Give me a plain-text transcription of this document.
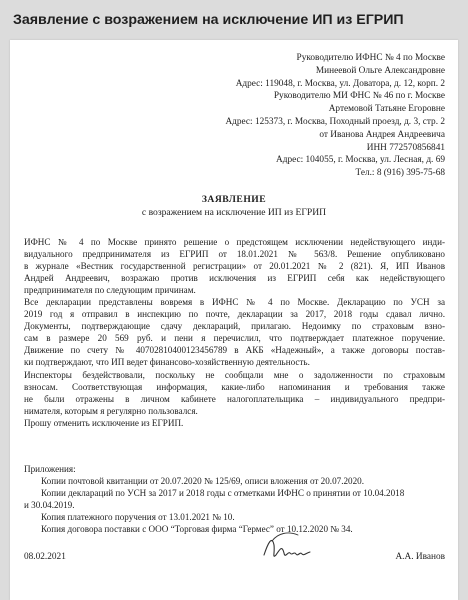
Заявление с возражением на исключение ИП из ЕГРИП
Руководителю ИФНС № 4 по Москве
Минеевой Ольге Александровне
Адрес: 119048, г. Москва, ул. Доватора, д. 12, корп. 2
Руководителю МИ ФНС № 46 по г. Москве
Артемовой Татьяне Егоровне
Адрес: 125373, г. Москва, Походный проезд, д. 3, стр. 2
от Иванова Андрея Андреевича
ИНН 772570856841
Адрес: 104055, г. Москва, ул. Лесная, д. 69
Тел.: 8 (916) 395-75-68
ЗАЯВЛЕНИЕ
с возражением на исключение ИП из ЕГРИП
ИФНС № 4 по Москве принято решение о предстоящем исключении недействующего инди-
видуального предпринимателя из ЕГРИП от 18.01.2021 № 563/8. Решение опубликовано
в журнале «Вестник государственной регистрации» от 20.01.2021 № 2 (821). Я, ИП Иванов
Андрей Андреевич, возражаю против исключения из ЕГРИП себя как недействующего
предпринимателя по следующим причинам.
Все декларации представлены вовремя в ИФНС № 4 по Москве. Декларацию по УСН за
2019 год я отправил в инспекцию по почте, декларации за 2017, 2018 годы сдавал лично.
Документы, подтверждающие сдачу деклараций, прилагаю. Недоимку по страховым взно-
сам в размере 20 569 руб. и пени я перечислил, что подтверждает платежное поручение.
Движение по счету № 40702810400123456789 в АКБ «Надежный», а также договоры постав-
ки подтверждают, что ИП ведет финансово-хозяйственную деятельность.
Инспекторы бездействовали, поскольку не сообщали мне о задолженности по страховым
взносам. Соответствующая информация, какие-либо напоминания и требования также
не были отражены в личном кабинете налогоплательщика – индивидуального предпри-
нимателя, которым я регулярно пользовался.
Прошу отменить исключение из ЕГРИП.
Приложения:
Копии почтовой квитанции от 20.07.2020 № 125/69, описи вложения от 20.07.2020.
Копии деклараций по УСН за 2017 и 2018 годы с отметками ИФНС о принятии от 10.04.2018
и 30.04.2019.
Копия платежного поручения от 13.01.2021 № 10.
Копия договора поставки с ООО “Торговая фирма “Гермес” от 10.12.2020 № 34.
08.02.2021	А.А. Иванов
